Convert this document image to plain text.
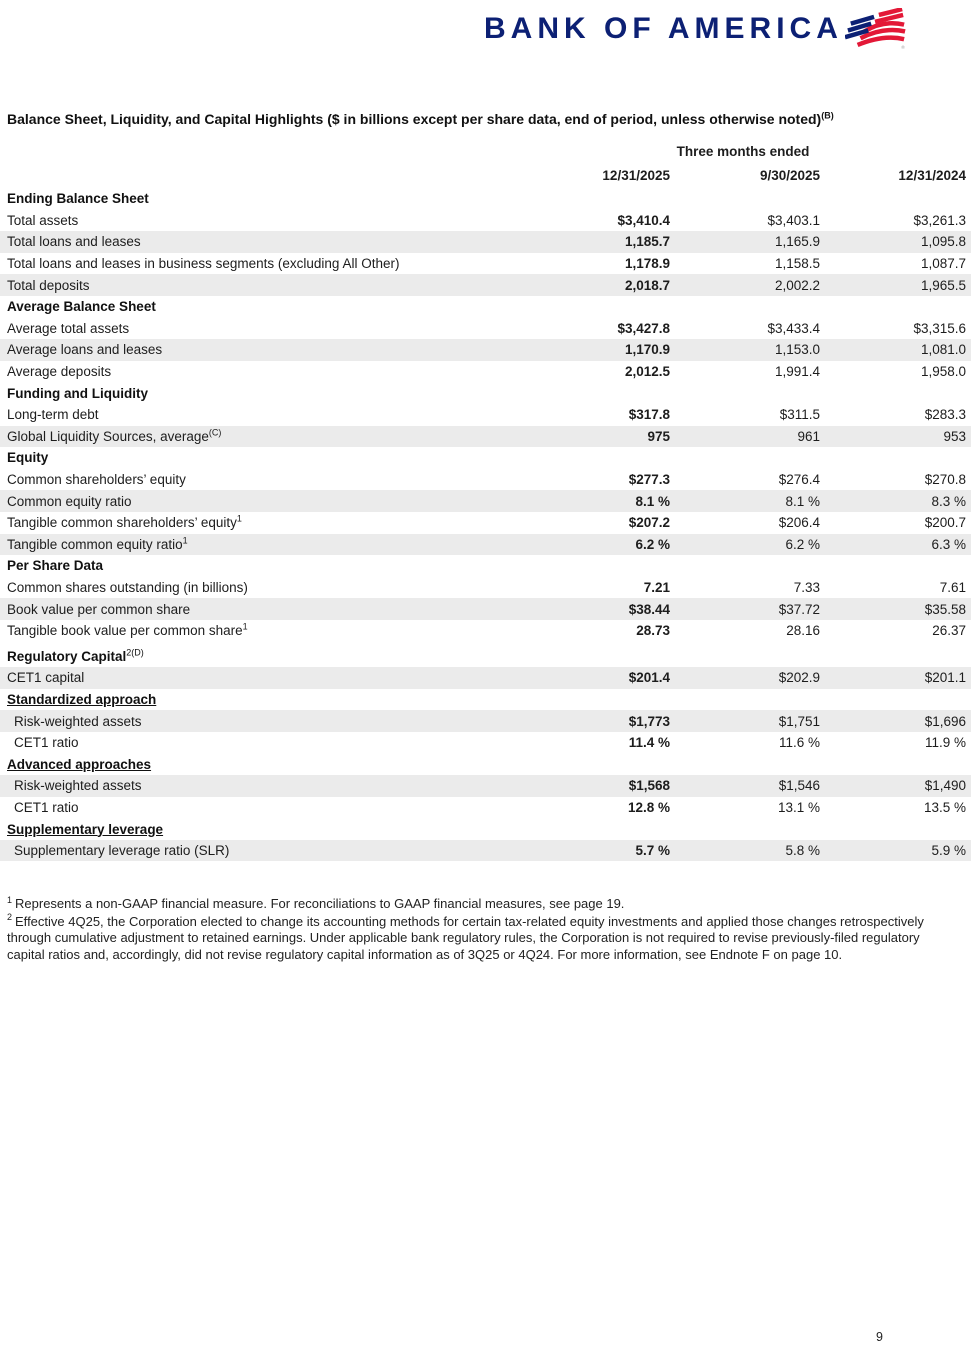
BANK OF AMERICA
®
Balance Sheet, Liquidity, and Capital Highlights ($ in billions except per share data, end of period, unless otherwise noted)$^{(B)}$
Three months ended
12/31/2025	9/30/2025	12/31/2024
Ending Balance Sheet
Total assets	$3,410.4	$3,403.1	$3,261.3
Total loans and leases	1,185.7	1,165.9	1,095.8
Total loans and leases in business segments (excluding All Other)	1,178.9	1,158.5	1,087.7
Total deposits	2,018.7	2,002.2	1,965.5
Average Balance Sheet
Average total assets	$3,427.8	$3,433.4	$3,315.6
Average loans and leases	1,170.9	1,153.0	1,081.0
Average deposits	2,012.5	1,991.4	1,958.0
Funding and Liquidity
Long-term debt	$317.8	$311.5	$283.3
Global Liquidity Sources, average$^{(C)}$	975	961	953
Equity
Common shareholders’ equity	$277.3	$276.4	$270.8
Common equity ratio	8.1 %	8.1 %	8.3 %
Tangible common shareholders’ equity$^1$	$207.2	$206.4	$200.7
Tangible common equity ratio$^1$	6.2 %	6.2 %	6.3 %
Per Share Data
Common shares outstanding (in billions)	7.21	7.33	7.61
Book value per common share	$38.44	$37.72	$35.58
Tangible book value per common share$^1$	28.73	28.16	26.37
Regulatory Capital$^{2(D)}$
CET1 capital	$201.4	$202.9	$201.1
Standardized approach
Risk-weighted assets	$1,773	$1,751	$1,696
CET1 ratio	11.4 %	11.6 %	11.9 %
Advanced approaches
Risk-weighted assets	$1,568	$1,546	$1,490
CET1 ratio	12.8 %	13.1 %	13.5 %
Supplementary leverage
Supplementary leverage ratio (SLR)	5.7 %	5.8 %	5.9 %

$^1$ Represents a non-GAAP financial measure. For reconciliations to GAAP financial measures, see page 19.

$^2$ Effective 4Q25, the Corporation elected to change its accounting methods for certain tax-related equity investments and applied those changes retrospectively through cumulative adjustment to retained earnings. Under applicable bank regulatory rules, the Corporation is not required to revise previously-filed regulatory capital ratios and, accordingly, did not revise regulatory capital information as of 3Q25 or 4Q24. For more information, see Endnote F on page 10.

9
